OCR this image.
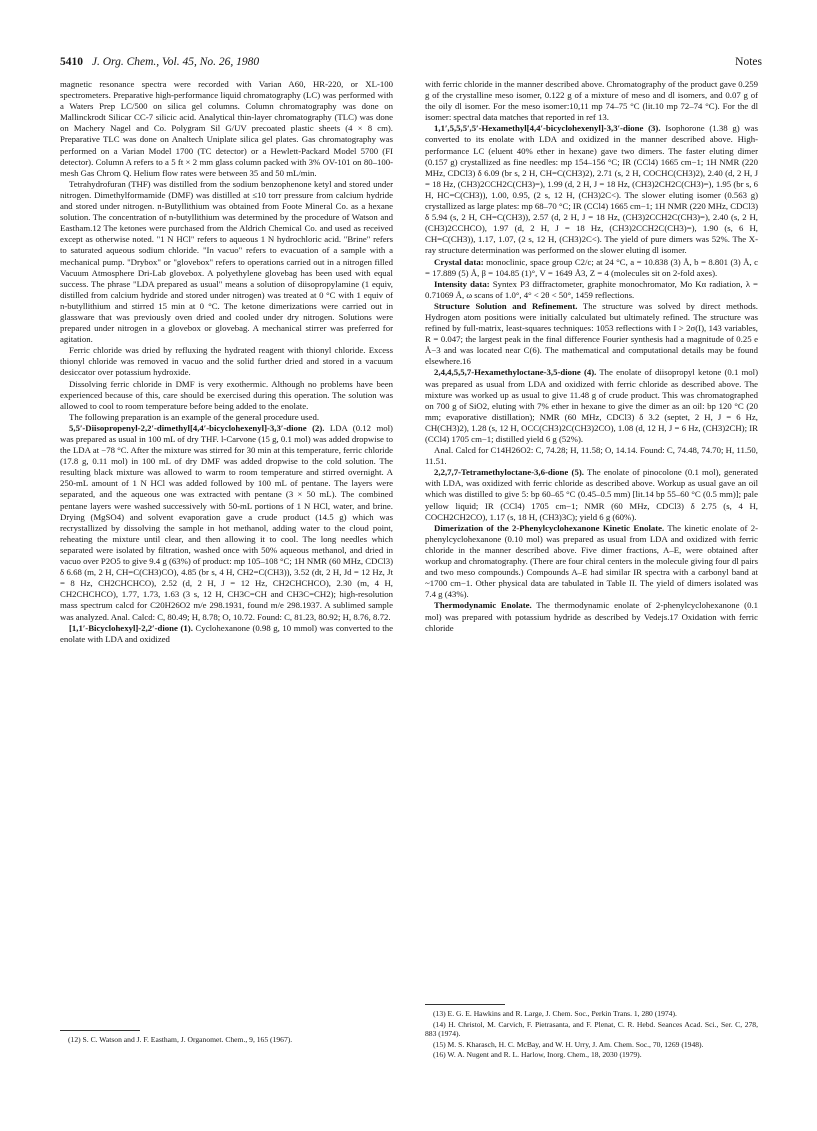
5410 J. Org. Chem., Vol. 45, No. 26, 1980	Notes

magnetic resonance spectra were recorded with Varian A60, HR-220, or XL-100 spectrometers. Preparative high-performance liquid chromatography (LC) was performed with a Waters Prep LC/500 on silica gel columns. Column chromatography was done on Mallinckrodt Silicar CC-7 silicic acid. Analytical thin-layer chromatography (TLC) was done on Machery Nagel and Co. Polygram Sil G/UV precoated plastic sheets (4 × 8 cm). Preparative TLC was done on Analtech Uniplate silica gel plates. Gas chromatography was performed on a Varian Model 1700 (TC detector) or a Hewlett-Packard Model 5700 (FI detector). Column A refers to a 5 ft × 2 mm glass column packed with 3% OV-101 on 80–100-mesh Gas Chrom Q. Helium flow rates were between 35 and 50 mL/min.

Tetrahydrofuran (THF) was distilled from the sodium benzophenone ketyl and stored under nitrogen. Dimethylformamide (DMF) was distilled at ≤10 torr pressure from calcium hydride and stored under nitrogen. n-Butyllithium was obtained from Foote Mineral Co. as a hexane solution. The concentration of n-butyllithium was determined by the procedure of Watson and Eastham.12 The ketones were purchased from the Aldrich Chemical Co. and used as received except as otherwise noted. "1 N HCl" refers to aqueous 1 N hydrochloric acid. "Brine" refers to saturated aqueous sodium chloride. "In vacuo" refers to evacuation of a sample with a mechanical pump. "Drybox" or "glovebox" refers to operations carried out in a nitrogen filled Vacuum Atmosphere Dri-Lab glovebox. A polyethylene glovebag has been used with equal success. The phrase "LDA prepared as usual" means a solution of diisopropylamine (1 equiv, distilled from calcium hydride and stored under nitrogen) was treated at 0 °C with 1 equiv of n-butyllithium and stirred 15 min at 0 °C. The ketone dimerizations were carried out in glassware that was previously oven dried and cooled under dry nitrogen. Solutions were prepared under nitrogen in a glovebox or glovebag. A mechanical stirrer was preferred for agitation.

Ferric chloride was dried by refluxing the hydrated reagent with thionyl chloride. Excess thionyl chloride was removed in vacuo and the solid further dried and stored in a vacuum desiccator over potassium hydroxide.

Dissolving ferric chloride in DMF is very exothermic. Although no problems have been experienced because of this, care should be exercised during this operation. The solution was allowed to cool to room temperature before being added to the enolate.

The following preparation is an example of the general procedure used.

5,5′-Diisopropenyl-2,2′-dimethyl[4,4′-bicyclohexenyl]-3,3′-dione (2). LDA (0.12 mol) was prepared as usual in 100 mL of dry THF. l-Carvone (15 g, 0.1 mol) was added dropwise to the LDA at −78 °C. After the mixture was stirred for 30 min at this temperature, ferric chloride (17.8 g, 0.11 mol) in 100 mL of dry DMF was added dropwise to the cold solution. The resulting black mixture was allowed to warm to room temperature and stirred overnight. A 250-mL amount of 1 N HCl was added followed by 100 mL of pentane. The layers were separated, and the aqueous one was extracted with pentane (3 × 50 mL). The combined pentane layers were washed successively with 50-mL portions of 1 N HCl, water, and brine. Drying (MgSO4) and solvent evaporation gave a crude product (14.5 g) which was recrystallized by dissolving the sample in hot methanol, adding water to the cloud point, reheating the mixture until clear, and then allowing it to cool. The long needles which separated were isolated by filtration, washed once with 50% aqueous methanol, and dried in vacuo over P2O5 to give 9.4 g (63%) of product: mp 105–108 °C; 1H NMR (60 MHz, CDCl3) δ 6.68 (m, 2 H, CH=C(CH3)CO), 4.85 (br s, 4 H, CH2=C(CH3)), 3.52 (dt, 2 H, Jd = 12 Hz, Jt = 8 Hz, CH2CHCHCO), 2.52 (d, 2 H, J = 12 Hz, CH2CHCHCO), 2.30 (m, 4 H, CH2CHCHCO), 1.77, 1.73, 1.63 (3 s, 12 H, CH3C=CH and CH3C=CH2); high-resolution mass spectrum calcd for C20H26O2 m/e 298.1931, found m/e 298.1937. A sublimed sample was analyzed. Anal. Calcd: C, 80.49; H, 8.78; O, 10.72. Found: C, 81.23, 80.92; H, 8.76, 8.72.

[1,1′-Bicyclohexyl]-2,2′-dione (1). Cyclohexanone (0.98 g, 10 mmol) was converted to the enolate with LDA and oxidized

with ferric chloride in the manner described above. Chromatography of the product gave 0.259 g of the crystalline meso isomer, 0.122 g of a mixture of meso and dl isomers, and 0.07 g of the oily dl isomer. For the meso isomer:10,11 mp 74–75 °C (lit.10 mp 72–74 °C). For the dl isomer: spectral data matches that reported in ref 13.

1,1′,5,5,5′,5′-Hexamethyl[4,4′-bicyclohexenyl]-3,3′-dione (3). Isophorone (1.38 g) was converted to its enolate with LDA and oxidized in the manner described above. High-performance LC (eluent 40% ether in hexane) gave two dimers. The faster eluting dimer (0.157 g) crystallized as fine needles: mp 154–156 °C; IR (CCl4) 1665 cm−1; 1H NMR (220 MHz, CDCl3) δ 6.09 (br s, 2 H, CH=C(CH3)2), 2.71 (s, 2 H, COCHC(CH3)2), 2.40 (d, 2 H, J = 18 Hz, (CH3)2CCH2C(CH3)=), 1.99 (d, 2 H, J = 18 Hz, (CH3)2CH2C(CH3)=), 1.95 (br s, 6 H, HC=C(CH3)), 1.00, 0.95, (2 s, 12 H, (CH3)2C<). The slower eluting isomer (0.563 g) crystallized as large plates: mp 68–70 °C; IR (CCl4) 1665 cm−1; 1H NMR (220 MHz, CDCl3) δ 5.94 (s, 2 H, CH=C(CH3)), 2.57 (d, 2 H, J = 18 Hz, (CH3)2CCH2C(CH3)=), 2.40 (s, 2 H, (CH3)2CCHCO), 1.97 (d, 2 H, J = 18 Hz, (CH3)2CCH2C(CH3)=), 1.90 (s, 6 H, CH=C(CH3)), 1.17, 1.07, (2 s, 12 H, (CH3)2C<). The yield of pure dimers was 52%. The X-ray structure determination was performed on the slower eluting dl isomer.

Crystal data: monoclinic, space group C2/c; at 24 °C, a = 10.838 (3) Å, b = 8.801 (3) Å, c = 17.889 (5) Å, β = 104.85 (1)°, V = 1649 Å3, Z = 4 (molecules sit on 2-fold axes).

Intensity data: Syntex P3 diffractometer, graphite monochromator, Mo Kα radiation, λ = 0.71069 Å, ω scans of 1.0°, 4° < 2θ < 50°, 1459 reflections.

Structure Solution and Refinement. The structure was solved by direct methods. Hydrogen atom positions were initially calculated but ultimately refined. The structure was refined by full-matrix, least-squares techniques: 1053 reflections with I > 2σ(I), 143 variables, R = 0.047; the largest peak in the final difference Fourier synthesis had a magnitude of 0.25 e Å−3 and was located near C(6). The mathematical and computational details may be found elsewhere.16

2,4,4,5,5,7-Hexamethyloctane-3,5-dione (4). The enolate of diisopropyl ketone (0.1 mol) was prepared as usual from LDA and oxidized with ferric chloride as described above. The mixture was worked up as usual to give 11.48 g of crude product. This was chromatographed on 700 g of SiO2, eluting with 7% ether in hexane to give the dimer as an oil: bp 120 °C (20 mm; evaporative distillation); NMR (60 MHz, CDCl3) δ 3.2 (septet, 2 H, J = 6 Hz, CH(CH3)2), 1.28 (s, 12 H, OCC(CH3)2C(CH3)2CO), 1.08 (d, 12 H, J = 6 Hz, (CH3)2CH); IR (CCl4) 1705 cm−1; distilled yield 6 g (52%).

Anal. Calcd for C14H26O2: C, 74.28; H, 11.58; O, 14.14. Found: C, 74.48, 74.70; H, 11.50, 11.51.

2,2,7,7-Tetramethyloctane-3,6-dione (5). The enolate of pinocolone (0.1 mol), generated with LDA, was oxidized with ferric chloride as described above. Workup as usual gave an oil which was distilled to give 5: bp 60–65 °C (0.45–0.5 mm) [lit.14 bp 55–60 °C (0.5 mm)]; pale yellow liquid; IR (CCl4) 1705 cm−1; NMR (60 MHz, CDCl3) δ 2.75 (s, 4 H, COCH2CH2CO), 1.17 (s, 18 H, (CH3)3C); yield 6 g (60%).

Dimerization of the 2-Phenylcyclohexanone Kinetic Enolate. The kinetic enolate of 2-phenylcyclohexanone (0.10 mol) was prepared as usual from LDA and oxidized with ferric chloride in the manner described above. Five dimer fractions, A–E, were obtained after workup and chromatography. (There are four chiral centers in the molecule giving four dl pairs and two meso compounds.) Compounds A–E had similar IR spectra with a carbonyl band at ~1700 cm−1. Other physical data are tabulated in Table II. The yield of dimers isolated was 7.4 g (43%).

Thermodynamic Enolate. The thermodynamic enolate of 2-phenylcyclohexanone (0.1 mol) was prepared with potassium hydride as described by Vedejs.17 Oxidation with ferric chloride

(12) S. C. Watson and J. F. Eastham, J. Organomet. Chem., 9, 165 (1967).
(13) E. G. E. Hawkins and R. Large, J. Chem. Soc., Perkin Trans. 1, 280 (1974).
(14) H. Christol, M. Carvich, F. Pietrasanta, and F. Plenat, C. R. Hebd. Seances Acad. Sci., Ser. C, 278, 883 (1974).
(15) M. S. Kharasch, H. C. McBay, and W. H. Urry, J. Am. Chem. Soc., 70, 1269 (1948).
(16) W. A. Nugent and R. L. Harlow, Inorg. Chem., 18, 2030 (1979).
